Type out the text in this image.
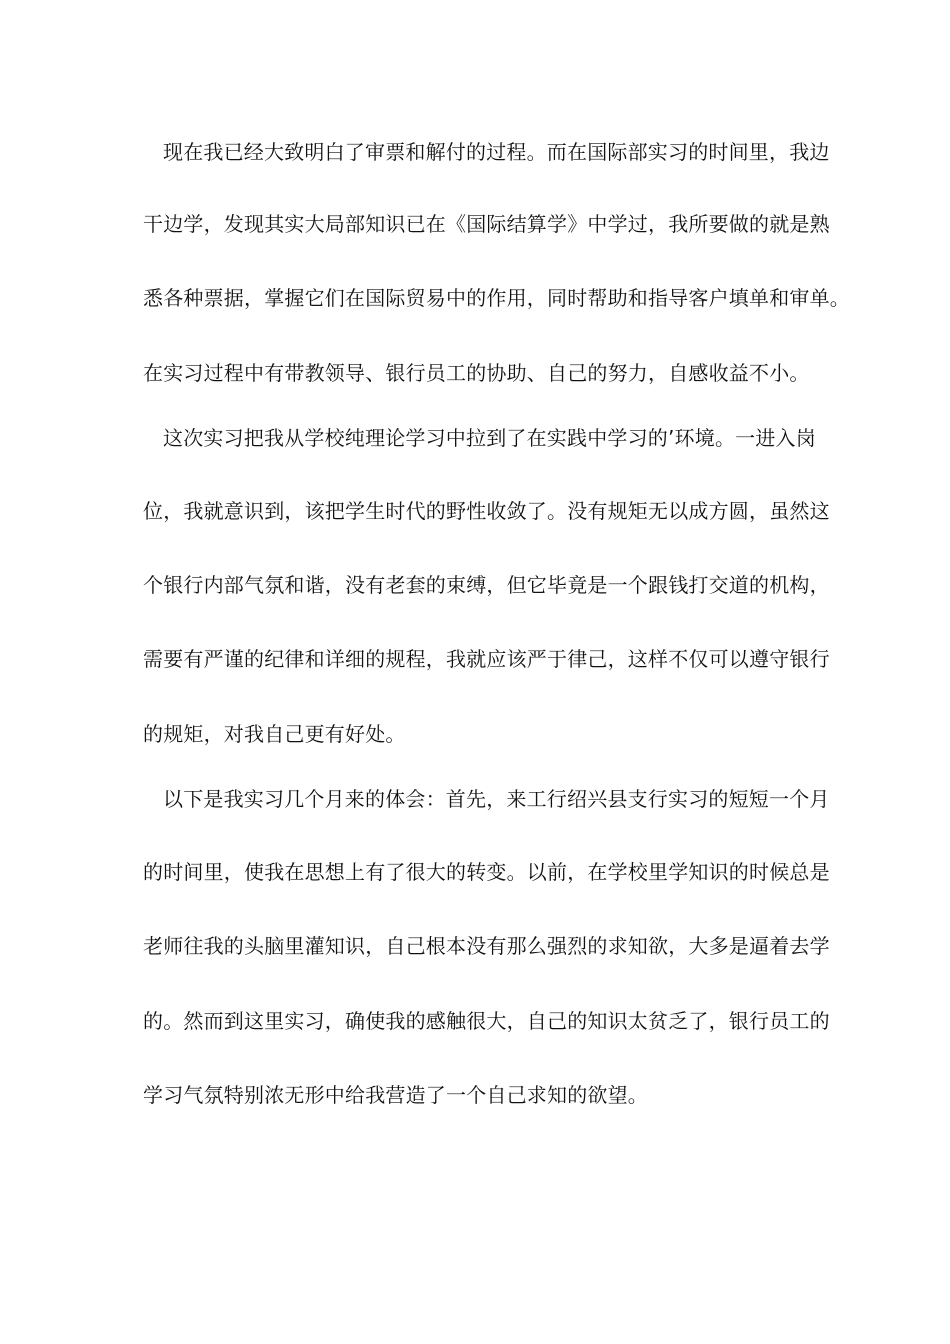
现在我已经大致明白了审票和解付的过程。而在国际部实习的时间里，我边
干边学，发现其实大局部知识已在《国际结算学》中学过，我所要做的就是熟
悉各种票据，掌握它们在国际贸易中的作用，同时帮助和指导客户填单和审单。
在实习过程中有带教领导、银行员工的协助、自己的努力，自感收益不小。
这次实习把我从学校纯理论学习中拉到了在实践中学习的’环境。一进入岗
位，我就意识到，该把学生时代的野性收敛了。没有规矩无以成方圆，虽然这
个银行内部气氛和谐，没有老套的束缚，但它毕竟是一个跟钱打交道的机构，
需要有严谨的纪律和详细的规程，我就应该严于律己，这样不仅可以遵守银行
的规矩，对我自己更有好处。
以下是我实习几个月来的体会：首先，来工行绍兴县支行实习的短短一个月
的时间里，使我在思想上有了很大的转变。以前，在学校里学知识的时候总是
老师往我的头脑里灌知识，自己根本没有那么强烈的求知欲，大多是逼着去学
的。然而到这里实习，确使我的感触很大，自己的知识太贫乏了，银行员工的
学习气氛特别浓无形中给我营造了一个自己求知的欲望。
